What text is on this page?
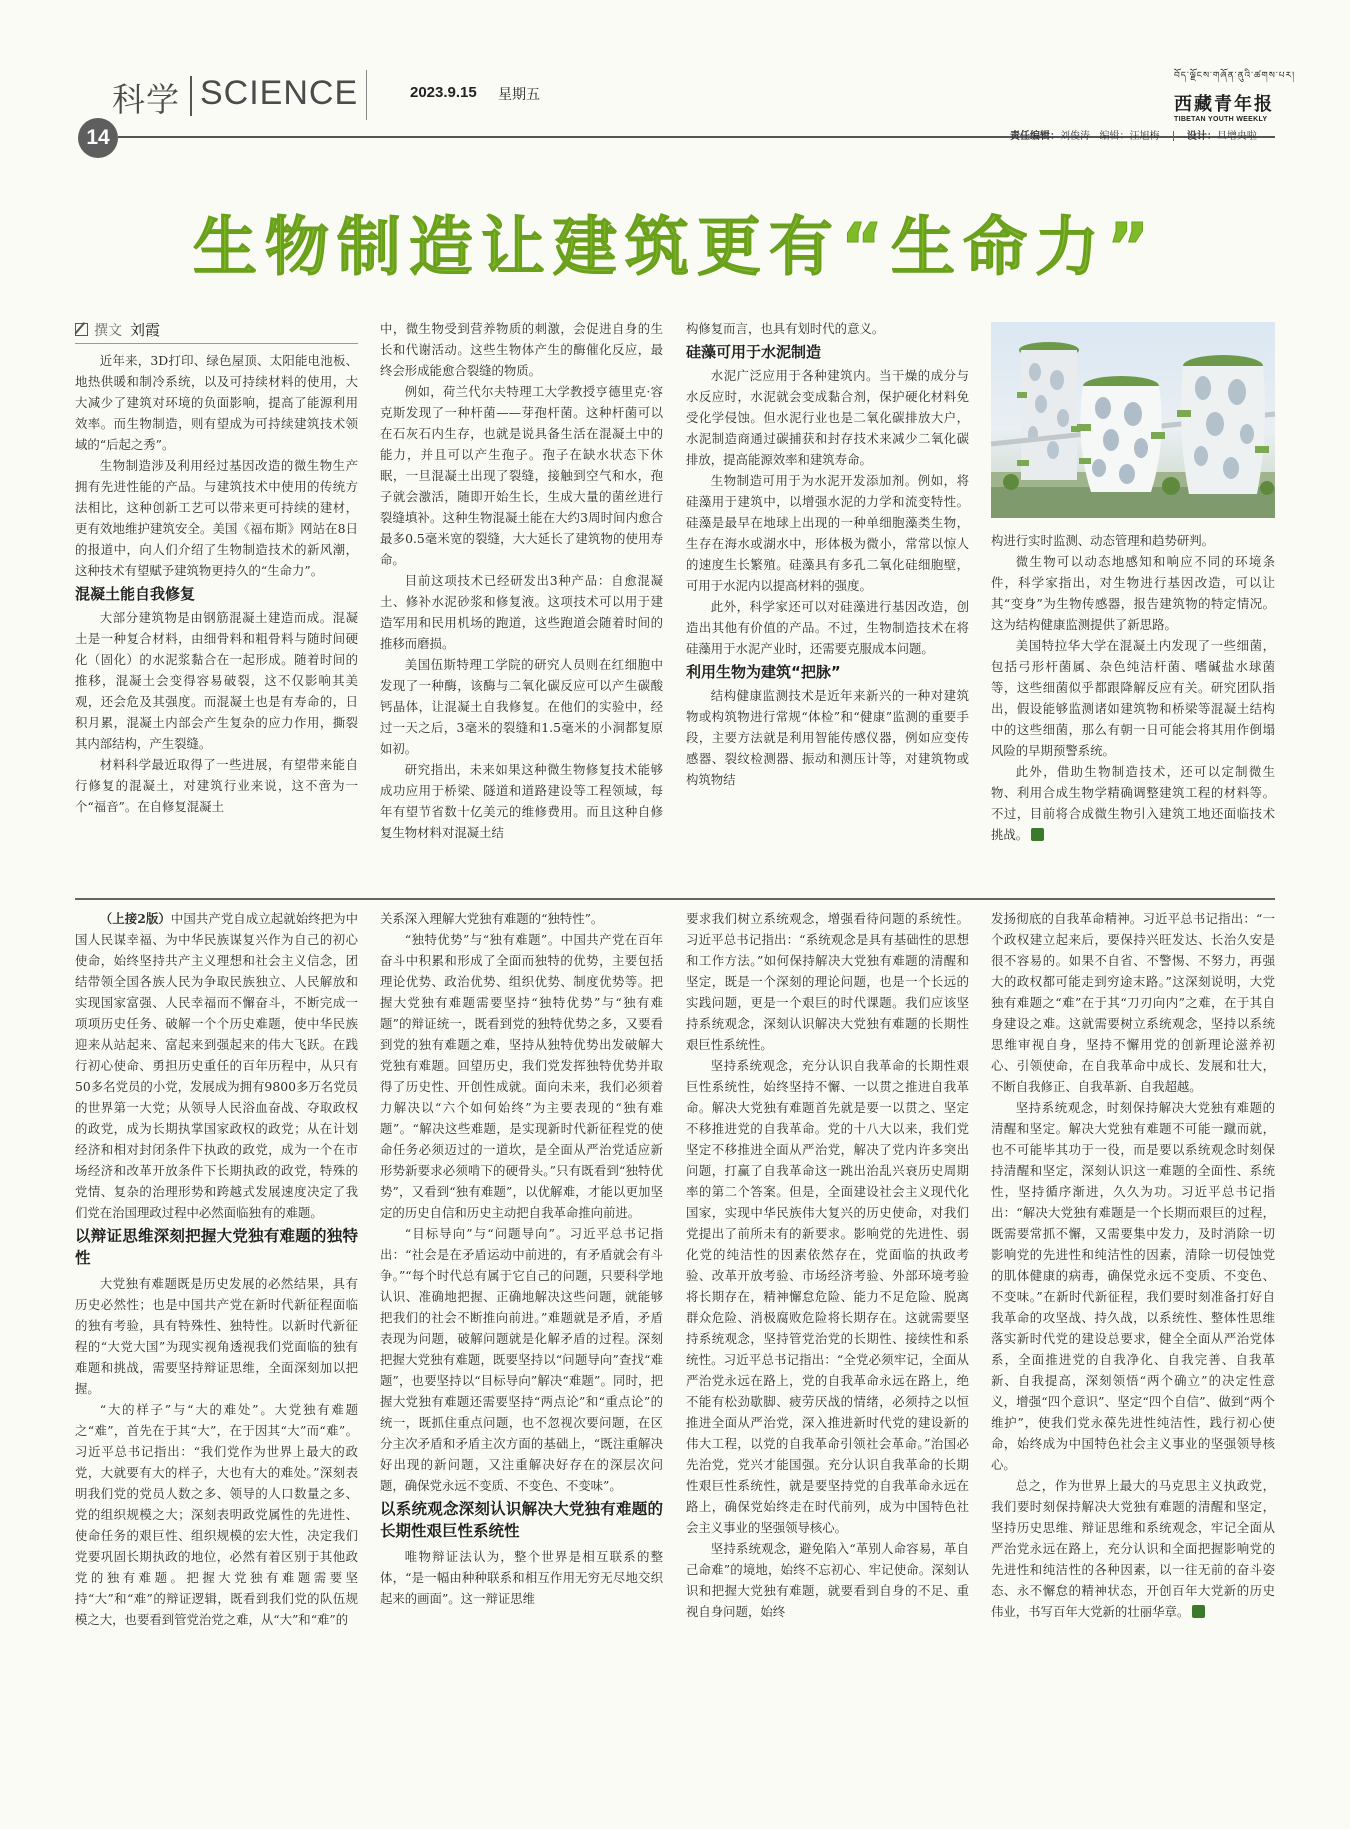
科学 SCIENCE	2023.9.15 星期五
14
བོད་ལྗོངས་གཞོན་ནུའི་ཚགས་པར།
西藏青年报
TIBETAN YOUTH WEEKLY
责任编辑：刘俊涛 编辑：汪旭梅	设计：旦增央啦
生物制造让建筑更有“生命力”
撰文 刘霞

近年来，3D打印、绿色屋顶、太阳能电池板、地热供暖和制冷系统，以及可持续材料的使用，大大减少了建筑对环境的负面影响，提高了能源利用效率。而生物制造，则有望成为可持续建筑技术领域的“后起之秀”。

生物制造涉及利用经过基因改造的微生物生产拥有先进性能的产品。与建筑技术中使用的传统方法相比，这种创新工艺可以带来更可持续的建材，更有效地维护建筑安全。美国《福布斯》网站在8日的报道中，向人们介绍了生物制造技术的新风潮，这种技术有望赋予建筑物更持久的“生命力”。

混凝土能自我修复

大部分建筑物是由钢筋混凝土建造而成。混凝土是一种复合材料，由细骨料和粗骨料与随时间硬化（固化）的水泥浆黏合在一起形成。随着时间的推移，混凝土会变得容易破裂，这不仅影响其美观，还会危及其强度。而混凝土也是有寿命的，日积月累，混凝土内部会产生复杂的应力作用，撕裂其内部结构，产生裂缝。

材料科学最近取得了一些进展，有望带来能自行修复的混凝土，对建筑行业来说，这不啻为一个“福音”。在自修复混凝土

中，微生物受到营养物质的刺激，会促进自身的生长和代谢活动。这些生物体产生的酶催化反应，最终会形成能愈合裂缝的物质。

例如，荷兰代尔夫特理工大学教授亨德里克·容克斯发现了一种杆菌——芽孢杆菌。这种杆菌可以在石灰石内生存，也就是说具备生活在混凝土中的能力，并且可以产生孢子。孢子在缺水状态下休眠，一旦混凝土出现了裂缝，接触到空气和水，孢子就会激活，随即开始生长，生成大量的菌丝进行裂缝填补。这种生物混凝土能在大约3周时间内愈合最多0.5毫米宽的裂缝，大大延长了建筑物的使用寿命。

目前这项技术已经研发出3种产品：自愈混凝土、修补水泥砂浆和修复液。这项技术可以用于建造军用和民用机场的跑道，这些跑道会随着时间的推移而磨损。

美国伍斯特理工学院的研究人员则在红细胞中发现了一种酶，该酶与二氧化碳反应可以产生碳酸钙晶体，让混凝土自我修复。在他们的实验中，经过一天之后，3毫米的裂缝和1.5毫米的小洞都复原如初。

研究指出，未来如果这种微生物修复技术能够成功应用于桥梁、隧道和道路建设等工程领域，每年有望节省数十亿美元的维修费用。而且这种自修复生物材料对混凝土结

构修复而言，也具有划时代的意义。

硅藻可用于水泥制造

水泥广泛应用于各种建筑内。当干燥的成分与水反应时，水泥就会变成黏合剂，保护硬化材料免受化学侵蚀。但水泥行业也是二氧化碳排放大户，水泥制造商通过碳捕获和封存技术来减少二氧化碳排放，提高能源效率和建筑寿命。

生物制造可用于为水泥开发添加剂。例如，将硅藻用于建筑中，以增强水泥的力学和流变特性。硅藻是最早在地球上出现的一种单细胞藻类生物，生存在海水或湖水中，形体极为微小，常常以惊人的速度生长繁殖。硅藻具有多孔二氧化硅细胞壁，可用于水泥内以提高材料的强度。

此外，科学家还可以对硅藻进行基因改造，创造出其他有价值的产品。不过，生物制造技术在将硅藻用于水泥产业时，还需要克服成本问题。

利用生物为建筑“把脉”

结构健康监测技术是近年来新兴的一种对建筑物或构筑物进行常规“体检”和“健康”监测的重要手段，主要方法就是利用智能传感仪器，例如应变传感器、裂纹检测器、振动和测压计等，对建筑物或构筑物结

构进行实时监测、动态管理和趋势研判。

微生物可以动态地感知和响应不同的环境条件，科学家指出，对生物进行基因改造，可以让其“变身”为生物传感器，报告建筑物的特定情况。这为结构健康监测提供了新思路。

美国特拉华大学在混凝土内发现了一些细菌，包括弓形杆菌属、杂色纯洁杆菌、嗜碱盐水球菌等，这些细菌似乎都跟降解反应有关。研究团队指出，假设能够监测诸如建筑物和桥梁等混凝土结构中的这些细菌，那么有朝一日可能会将其用作倒塌风险的早期预警系统。

此外，借助生物制造技术，还可以定制微生物、利用合成生物学精确调整建筑工程的材料等。不过，目前将合成微生物引入建筑工地还面临技术挑战。

（上接2版）中国共产党自成立起就始终把为中国人民谋幸福、为中华民族谋复兴作为自己的初心使命，始终坚持共产主义理想和社会主义信念，团结带领全国各族人民为争取民族独立、人民解放和实现国家富强、人民幸福而不懈奋斗，不断完成一项项历史任务、破解一个个历史难题，使中华民族迎来从站起来、富起来到强起来的伟大飞跃。在践行初心使命、勇担历史重任的百年历程中，从只有50多名党员的小党，发展成为拥有9800多万名党员的世界第一大党；从领导人民浴血奋战、夺取政权的政党，成为长期执掌国家政权的政党；从在计划经济和相对封闭条件下执政的政党，成为一个在市场经济和改革开放条件下长期执政的政党，特殊的党情、复杂的治理形势和跨越式发展速度决定了我们党在治国理政过程中必然面临独有的难题。

以辩证思维深刻把握大党独有难题的独特性

大党独有难题既是历史发展的必然结果，具有历史必然性；也是中国共产党在新时代新征程面临的独有考验，具有特殊性、独特性。以新时代新征程的“大党大国”为现实视角透视我们党面临的独有难题和挑战，需要坚持辩证思维，全面深刻加以把握。

“大的样子”与“大的难处”。大党独有难题之“难”，首先在于其“大”，在于因其“大”而“难”。习近平总书记指出：“我们党作为世界上最大的政党，大就要有大的样子，大也有大的难处。”深刻表明我们党的党员人数之多、领导的人口数量之多、党的组织规模之大；深刻表明政党属性的先进性、使命任务的艰巨性、组织规模的宏大性，决定我们党要巩固长期执政的地位，必然有着区别于其他政党的独有难题。把握大党独有难题需要坚持“大”和“难”的辩证逻辑，既看到我们党的队伍规模之大，也要看到管党治党之难，从“大”和“难”的

关系深入理解大党独有难题的“独特性”。

“独特优势”与“独有难题”。中国共产党在百年奋斗中积累和形成了全面而独特的优势，主要包括理论优势、政治优势、组织优势、制度优势等。把握大党独有难题需要坚持“独特优势”与“独有难题”的辩证统一，既看到党的独特优势之多，又要看到党的独有难题之难，坚持从独特优势出发破解大党独有难题。回望历史，我们党发挥独特优势并取得了历史性、开创性成就。面向未来，我们必须着力解决以“六个如何始终”为主要表现的“独有难题”。“解决这些难题，是实现新时代新征程党的使命任务必须迈过的一道坎，是全面从严治党适应新形势新要求必须啃下的硬骨头。”只有既看到“独特优势”，又看到“独有难题”，以优解难，才能以更加坚定的历史自信和历史主动把自我革命推向前进。

“目标导向”与“问题导向”。习近平总书记指出：“社会是在矛盾运动中前进的，有矛盾就会有斗争。”“每个时代总有属于它自己的问题，只要科学地认识、准确地把握、正确地解决这些问题，就能够把我们的社会不断推向前进。”难题就是矛盾，矛盾表现为问题，破解问题就是化解矛盾的过程。深刻把握大党独有难题，既要坚持以“问题导向”查找“难题”，也要坚持以“目标导向”解决“难题”。同时，把握大党独有难题还需要坚持“两点论”和“重点论”的统一，既抓住重点问题，也不忽视次要问题，在区分主次矛盾和矛盾主次方面的基础上，“既注重解决好出现的新问题，又注重解决好存在的深层次问题，确保党永远不变质、不变色、不变味”。

以系统观念深刻认识解决大党独有难题的长期性艰巨性系统性

唯物辩证法认为，整个世界是相互联系的整体，“是一幅由种种联系和相互作用无穷无尽地交织起来的画面”。这一辩证思维

要求我们树立系统观念，增强看待问题的系统性。习近平总书记指出：“系统观念是具有基础性的思想和工作方法。”如何保持解决大党独有难题的清醒和坚定，既是一个深刻的理论问题，也是一个长远的实践问题，更是一个艰巨的时代课题。我们应该坚持系统观念，深刻认识解决大党独有难题的长期性艰巨性系统性。

坚持系统观念，充分认识自我革命的长期性艰巨性系统性，始终坚持不懈、一以贯之推进自我革命。解决大党独有难题首先就是要一以贯之、坚定不移推进党的自我革命。党的十八大以来，我们党坚定不移推进全面从严治党，解决了党内许多突出问题，打赢了自我革命这一跳出治乱兴衰历史周期率的第二个答案。但是，全面建设社会主义现代化国家，实现中华民族伟大复兴的历史使命，对我们党提出了前所未有的新要求。影响党的先进性、弱化党的纯洁性的因素依然存在，党面临的执政考验、改革开放考验、市场经济考验、外部环境考验将长期存在，精神懈怠危险、能力不足危险、脱离群众危险、消极腐败危险将长期存在。这就需要坚持系统观念，坚持管党治党的长期性、接续性和系统性。习近平总书记指出：“全党必须牢记，全面从严治党永远在路上，党的自我革命永远在路上，绝不能有松劲歇脚、疲劳厌战的情绪，必须持之以恒推进全面从严治党，深入推进新时代党的建设新的伟大工程，以党的自我革命引领社会革命。”治国必先治党，党兴才能国强。充分认识自我革命的长期性艰巨性系统性，就是要坚持党的自我革命永远在路上，确保党始终走在时代前列，成为中国特色社会主义事业的坚强领导核心。

坚持系统观念，避免陷入“革别人命容易，革自己命难”的境地，始终不忘初心、牢记使命。深刻认识和把握大党独有难题，就要看到自身的不足、重视自身问题，始终

发扬彻底的自我革命精神。习近平总书记指出：“一个政权建立起来后，要保持兴旺发达、长治久安是很不容易的。如果不自省、不警惕、不努力，再强大的政权都可能走到穷途末路。”这深刻说明，大党独有难题之“难”在于其“刀刃向内”之难，在于其自身建设之难。这就需要树立系统观念，坚持以系统思维审视自身，坚持不懈用党的创新理论滋养初心、引领使命，在自我革命中成长、发展和壮大，不断自我修正、自我革新、自我超越。

坚持系统观念，时刻保持解决大党独有难题的清醒和坚定。解决大党独有难题不可能一蹴而就，也不可能毕其功于一役，而是要以系统观念时刻保持清醒和坚定，深刻认识这一难题的全面性、系统性，坚持循序渐进，久久为功。习近平总书记指出：“解决大党独有难题是一个长期而艰巨的过程，既需要常抓不懈，又需要集中发力，及时消除一切影响党的先进性和纯洁性的因素，清除一切侵蚀党的肌体健康的病毒，确保党永远不变质、不变色、不变味。”在新时代新征程，我们要时刻准备打好自我革命的攻坚战、持久战，以系统性、整体性思维落实新时代党的建设总要求，健全全面从严治党体系，全面推进党的自我净化、自我完善、自我革新、自我提高，深刻领悟“两个确立”的决定性意义，增强“四个意识”、坚定“四个自信”、做到“两个维护”，使我们党永葆先进性纯洁性，践行初心使命，始终成为中国特色社会主义事业的坚强领导核心。

总之，作为世界上最大的马克思主义执政党，我们要时刻保持解决大党独有难题的清醒和坚定，坚持历史思维、辩证思维和系统观念，牢记全面从严治党永远在路上，充分认识和全面把握影响党的先进性和纯洁性的各种因素，以一往无前的奋斗姿态、永不懈怠的精神状态，开创百年大党新的历史伟业，书写百年大党新的壮丽华章。
